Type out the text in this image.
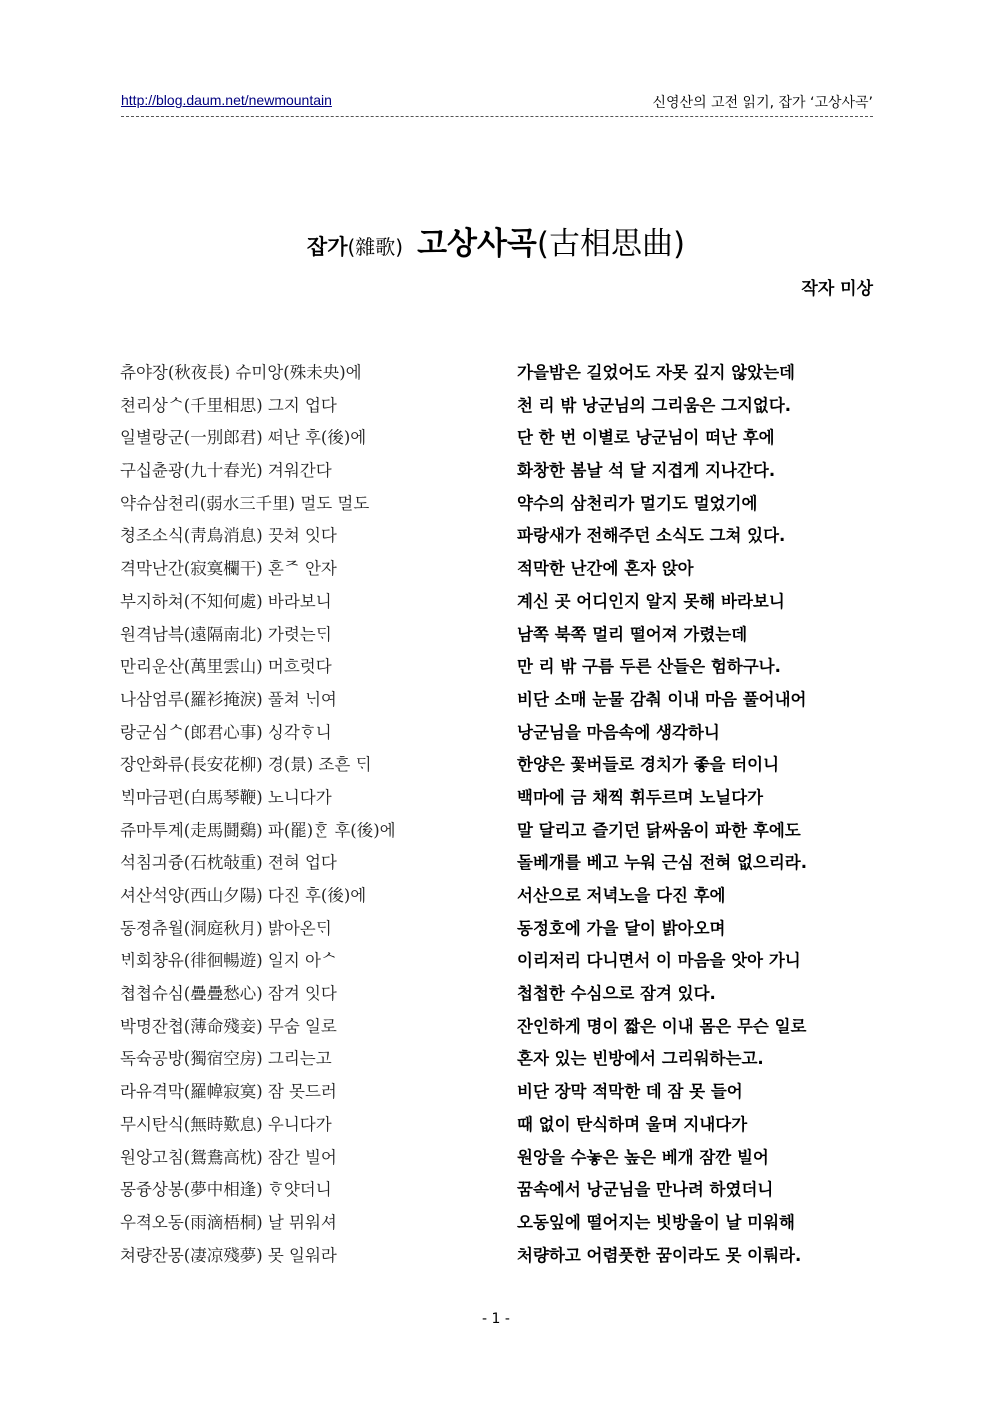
http://blog.daum.net/newmountain	신영산의 고전 읽기, 잡가 ‘고상사곡’
잡가(雜歌) 고상사곡(古相思曲)
작자 미상
츄야장(秋夜長) 슈미앙(殊未央)에	가을밤은 길었어도 자못 깊지 않았는데
쳔리상ᄉ(千里相思) 그지 업다	천 리 밖 낭군님의 그리움은 그지없다.
일별랑군(一別郎君) ᄯᅥ난 후(後)에	단 한 번 이별로 낭군님이 떠난 후에
구십츈광(九十春光) 겨워간다	화창한 봄날 석 달 지겹게 지나간다.
약슈삼쳔리(弱水三千里) 멀도 멀도	약수의 삼천리가 멀기도 멀었기에
쳥조소식(靑鳥消息) 끗쳐 잇다	파랑새가 전해주던 소식도 그쳐 있다.
격막난간(寂寞欄干) 혼ᄌ 안자	적막한 난간에 혼자 앉아
부지하쳐(不知何處) 바라보니	계신 곳 어디인지 알지 못해 바라보니
원격남븍(遠隔南北) 가렷는ᄃᆡ	남쪽 북쪽 멀리 떨어져 가렸는데
만리운산(萬里雲山) 머흐럿다	만 리 밖 구름 두른 산들은 험하구나.
나삼엄루(羅衫掩淚) 풀쳐 ᄂᆡ여	비단 소매 눈물 감춰 이내 마음 풀어내어
랑군심ᄉ(郎君心事) 싱각ᄒᆞ니	낭군님을 마음속에 생각하니
장안화류(長安花柳) 경(景) 조흔 ᄃᆡ	한양은 꽃버들로 경치가 좋을 터이니
ᄇᆡᆨ마금편(白馬琴鞭) 노니다가	백마에 금 채찍 휘두르며 노닐다가
쥬마투계(走馬鬪鷄) 파(罷)ᄒᆞᆫ 후(後)에	말 달리고 즐기던 닭싸움이 파한 후에도
석침긔즁(石枕敧重) 젼혀 업다	돌베개를 베고 누워 근심 전혀 없으리라.
셔산석양(西山夕陽) 다진 후(後)에	서산으로 저녁노을 다진 후에
동졍츄월(洞庭秋月) 밝아온ᄃᆡ	동정호에 가을 달이 밝아오며
ᄇᆡ회챵유(徘徊暢遊) 일지 아ᄉ	이리저리 다니면서 이 마음을 앗아 가니
쳡쳡슈심(疊疊愁心) 잠겨 잇다	첩첩한 수심으로 잠겨 있다.
박명잔쳡(薄命殘妾) 무숨 일로	잔인하게 명이 짧은 이내 몸은 무슨 일로
독슉공방(獨宿空房) 그리는고	혼자 있는 빈방에서 그리워하는고.
라유격막(羅幃寂寞) 잠 못드러	비단 장막 적막한 데 잠 못 들어
무시탄식(無時歎息) 우니다가	때 없이 탄식하며 울며 지내다가
원앙고침(鴛鴦高枕) 잠간 빌어	원앙을 수놓은 높은 베개 잠깐 빌어
몽즁상봉(夢中相逢) ᄒᆞ얏더니	꿈속에서 낭군님을 만나려 하였더니
우젹오동(雨滴梧桐) 날 뮈워셔	오동잎에 떨어지는 빗방울이 날 미워해
쳐량잔몽(凄凉殘夢) 못 일워라	처량하고 어렴풋한 꿈이라도 못 이뤄라.
- 1 -
